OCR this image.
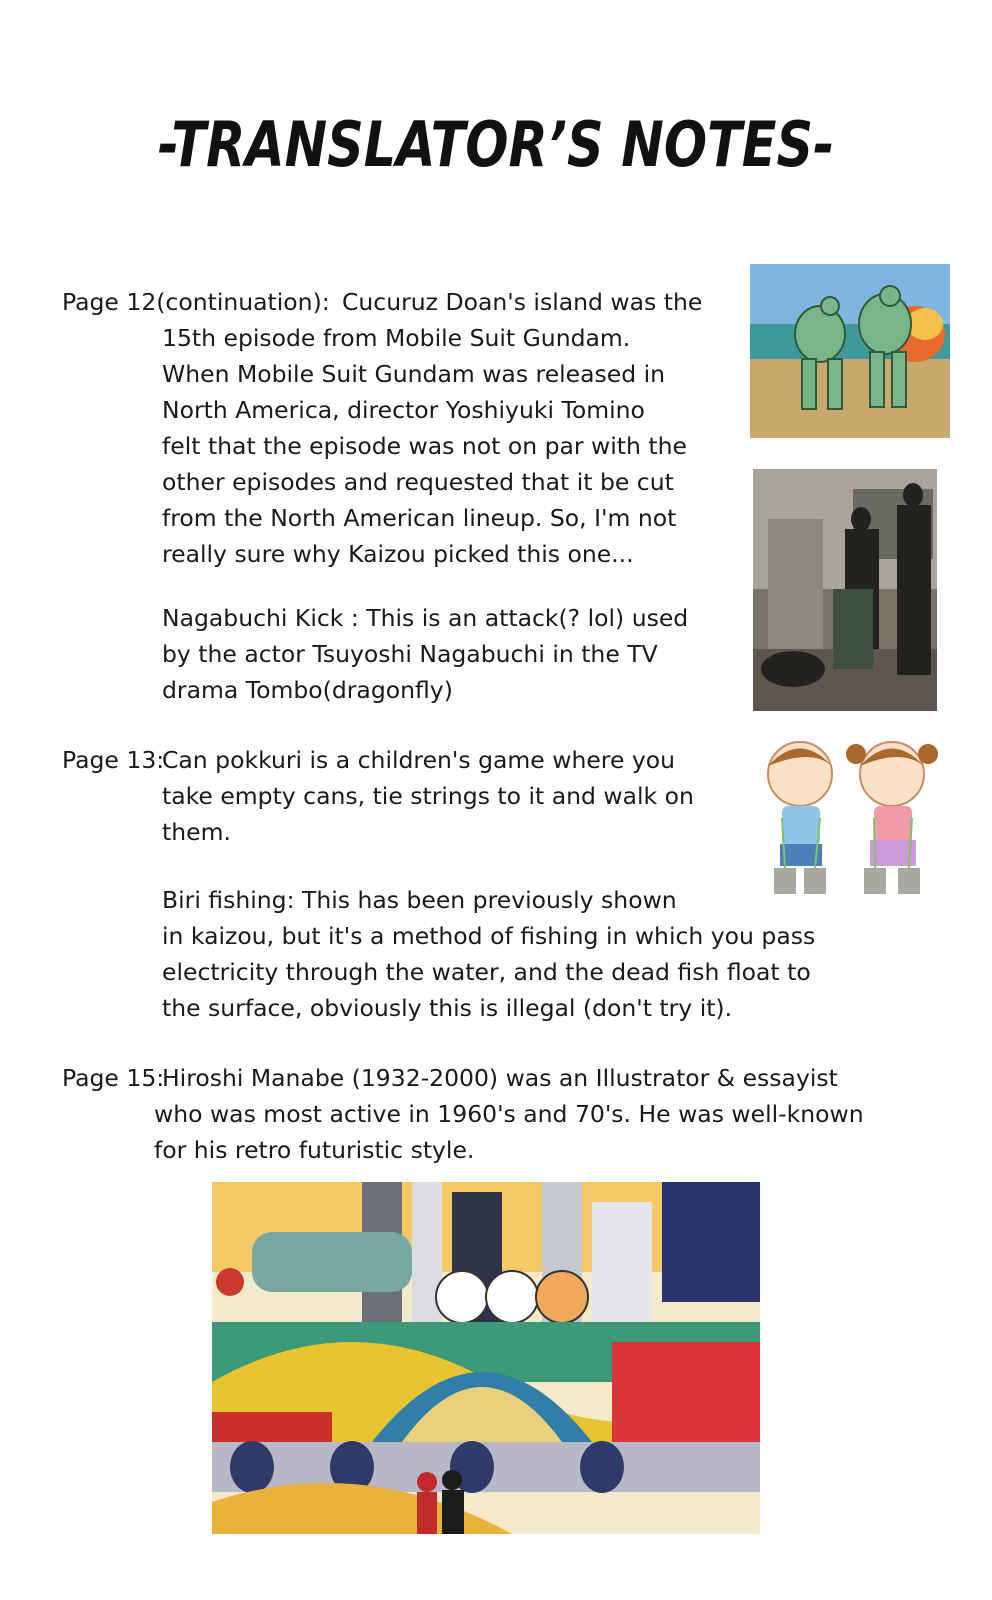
-TRANSLATOR’S NOTES-
Page 12(continuation): Cucuruz Doan's island was the
15th episode from Mobile Suit Gundam.
When Mobile Suit Gundam was released in
North America, director Yoshiyuki Tomino
felt that the episode was not on par with the
other episodes and requested that it be cut
from the North American lineup. So, I'm not
really sure why Kaizou picked this one...
Nagabuchi Kick : This is an attack(? lol) used
by the actor Tsuyoshi Nagabuchi in the TV
drama Tombo(dragonfly)
Page 13:
Can pokkuri is a children's game where you
take empty cans, tie strings to it and walk on
them.
Biri fishing: This has been previously shown
in kaizou, but it's a method of fishing in which you pass
electricity through the water, and the dead fish float to
the surface, obviously this is illegal (don't try it).
Page 15:
Hiroshi Manabe (1932-2000) was an Illustrator & essayist
who was most active in 1960's and 70's. He was well-known
for his retro futuristic style.
